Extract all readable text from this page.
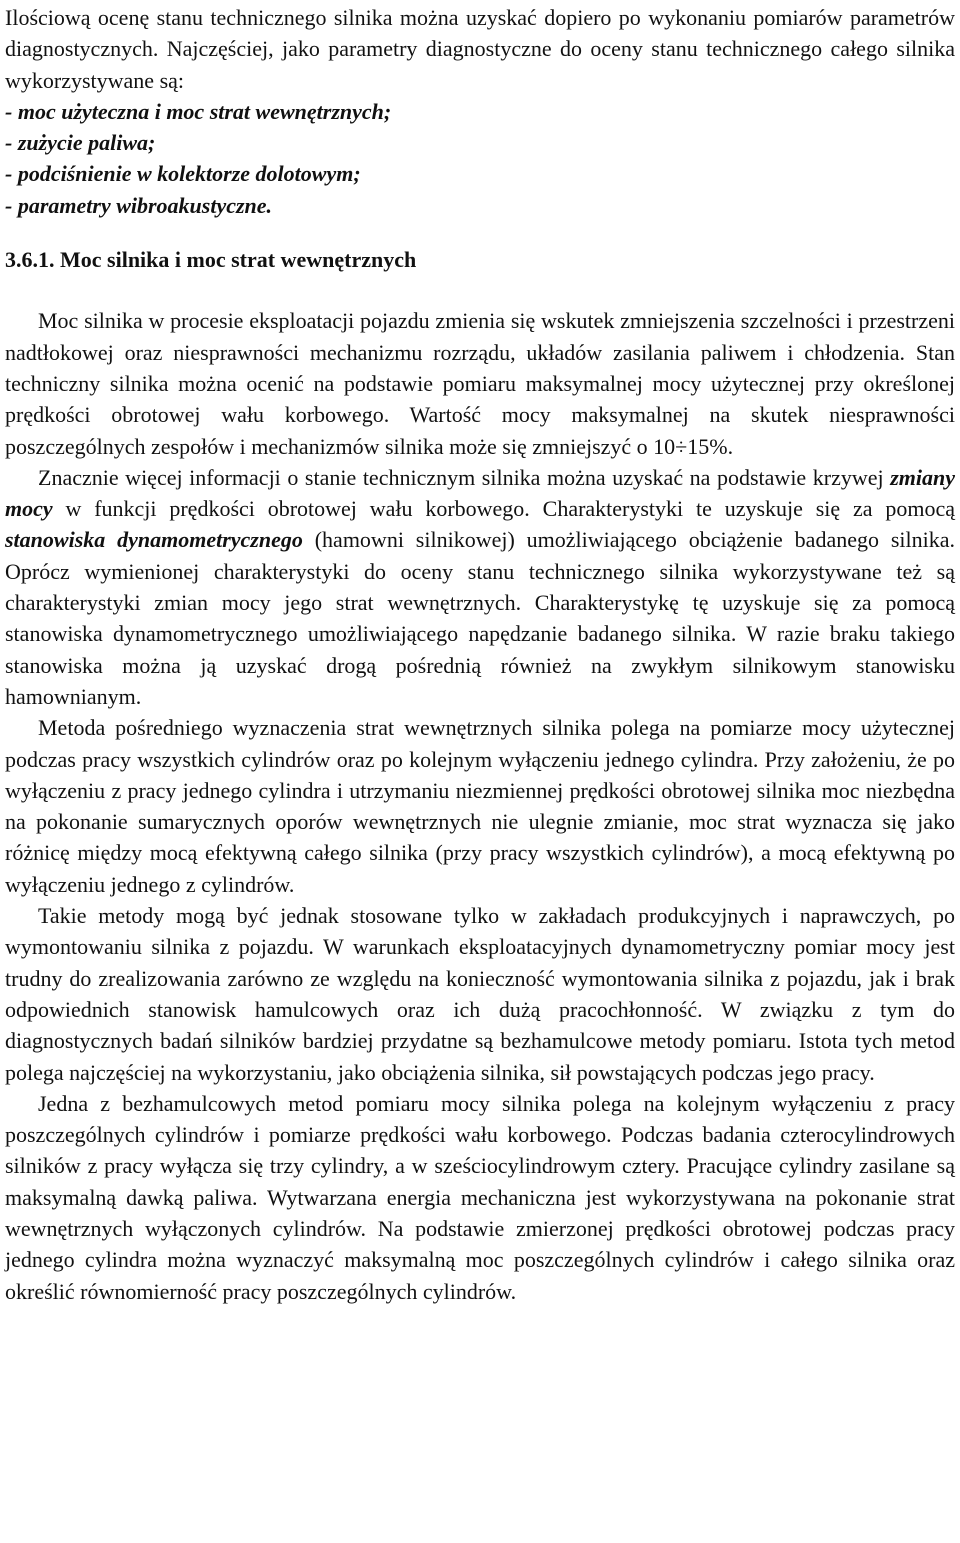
Ilościową ocenę stanu technicznego silnika można uzyskać dopiero po wykonaniu pomiarów parametrów diagnostycznych. Najczęściej, jako parametry diagnostyczne do oceny stanu technicznego całego silnika wykorzystywane są:

- moc użyteczna i moc strat wewnętrznych;

- zużycie paliwa;

- podciśnienie w kolektorze dolotowym;

- parametry wibroakustyczne.

3.6.1. Moc silnika i moc strat wewnętrznych

Moc silnika w procesie eksploatacji pojazdu zmienia się wskutek zmniejszenia szczelności i przestrzeni nadtłokowej oraz niesprawności mechanizmu rozrządu, układów zasilania paliwem i chłodzenia. Stan techniczny silnika można ocenić na podstawie pomiaru maksymalnej mocy użytecznej przy określonej prędkości obrotowej wału korbowego. Wartość mocy maksymalnej na skutek niesprawności poszczególnych zespołów i mechanizmów silnika może się zmniejszyć o 10÷15%.

Znacznie więcej informacji o stanie technicznym silnika można uzyskać na podstawie krzywej zmiany mocy w funkcji prędkości obrotowej wału korbowego. Charakterystyki te uzyskuje się za pomocą stanowiska dynamometrycznego (hamowni silnikowej) umożliwiającego obciążenie badanego silnika. Oprócz wymienionej charakterystyki do oceny stanu technicznego silnika wykorzystywane też są charakterystyki zmian mocy jego strat wewnętrznych. Charakterystykę tę uzyskuje się za pomocą stanowiska dynamometrycznego umożliwiającego napędzanie badanego silnika. W razie braku takiego stanowiska można ją uzyskać drogą pośrednią również na zwykłym silnikowym stanowisku hamownianym.

Metoda pośredniego wyznaczenia strat wewnętrznych silnika polega na pomiarze mocy użytecznej podczas pracy wszystkich cylindrów oraz po kolejnym wyłączeniu jednego cylindra. Przy założeniu, że po wyłączeniu z pracy jednego cylindra i utrzymaniu niezmiennej prędkości obrotowej silnika moc niezbędna na pokonanie sumarycznych oporów wewnętrznych nie ulegnie zmianie, moc strat wyznacza się jako różnicę między mocą efektywną całego silnika (przy pracy wszystkich cylindrów), a mocą efektywną po wyłączeniu jednego z cylindrów.

Takie metody mogą być jednak stosowane tylko w zakładach produkcyjnych i naprawczych, po wymontowaniu silnika z pojazdu. W warunkach eksploatacyjnych dynamometryczny pomiar mocy jest trudny do zrealizowania zarówno ze względu na konieczność wymontowania silnika z pojazdu, jak i brak odpowiednich stanowisk hamulcowych oraz ich dużą pracochłonność. W związku z tym do diagnostycznych badań silników bardziej przydatne są bezhamulcowe metody pomiaru. Istota tych metod polega najczęściej na wykorzystaniu, jako obciążenia silnika, sił powstających podczas jego pracy.

Jedna z bezhamulcowych metod pomiaru mocy silnika polega na kolejnym wyłączeniu z pracy poszczególnych cylindrów i pomiarze prędkości wału korbowego. Podczas badania czterocylindrowych silników z pracy wyłącza się trzy cylindry, a w sześciocylindrowym cztery. Pracujące cylindry zasilane są maksymalną dawką paliwa. Wytwarzana energia mechaniczna jest wykorzystywana na pokonanie strat wewnętrznych wyłączonych cylindrów. Na podstawie zmierzonej prędkości obrotowej podczas pracy jednego cylindra można wyznaczyć maksymalną moc poszczególnych cylindrów i całego silnika oraz określić równomierność pracy poszczególnych cylindrów.
